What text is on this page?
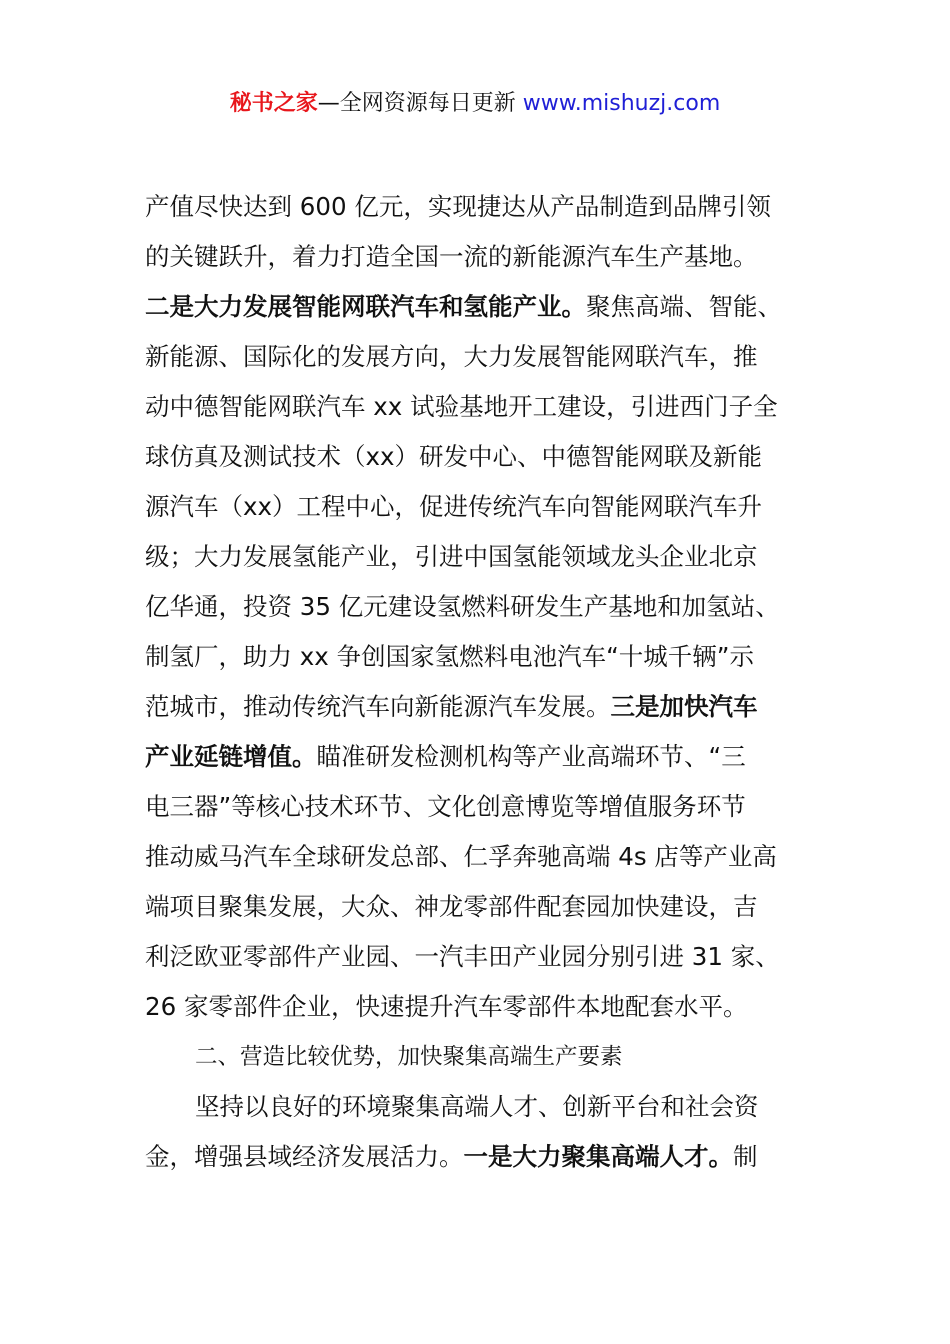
秘书之家—全网资源每日更新 www.mishuzj.com
产值尽快达到 600 亿元，实现捷达从产品制造到品牌引领
的关键跃升，着力打造全国一流的新能源汽车生产基地。
二是大力发展智能网联汽车和氢能产业。聚焦高端、智能、
新能源、国际化的发展方向，大力发展智能网联汽车，推
动中德智能网联汽车 xx 试验基地开工建设，引进西门子全
球仿真及测试技术（xx）研发中心、中德智能网联及新能
源汽车（xx）工程中心，促进传统汽车向智能网联汽车升
级；大力发展氢能产业，引进中国氢能领域龙头企业北京
亿华通，投资 35 亿元建设氢燃料研发生产基地和加氢站、
制氢厂，助力 xx 争创国家氢燃料电池汽车“十城千辆”示
范城市，推动传统汽车向新能源汽车发展。三是加快汽车
产业延链增值。瞄准研发检测机构等产业高端环节、“三
电三器”等核心技术环节、文化创意博览等增值服务环节
推动威马汽车全球研发总部、仁孚奔驰高端 4s 店等产业高
端项目聚集发展，大众、神龙零部件配套园加快建设，吉
利泛欧亚零部件产业园、一汽丰田产业园分别引进 31 家、
26 家零部件企业，快速提升汽车零部件本地配套水平。
二、营造比较优势，加快聚集高端生产要素
坚持以良好的环境聚集高端人才、创新平台和社会资
金，增强县域经济发展活力。一是大力聚集高端人才。制
